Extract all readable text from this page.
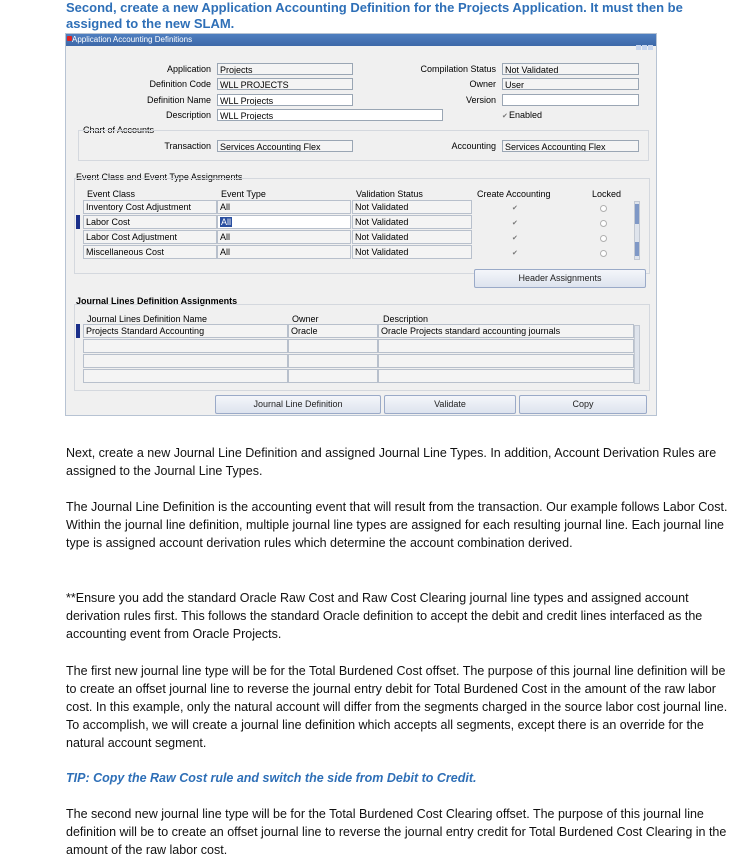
Second, create a new Application Accounting Definition for the Projects Application. It must then be
assigned to the new SLAM.
Application Accounting Definitions
Application	Projects
Definition Code	WLL PROJECTS
Definition Name	WLL Projects
Description	WLL Projects
Compilation Status	Not Validated
Owner	User
Version
✔ Enabled
Chart of Accounts
Transaction	Services Accounting Flex	Accounting	Services Accounting Flex
Event Class and Event Type Assignments
Event Class	Event Type	Validation Status	Create Accounting	Locked
Inventory Cost Adjustment	All	Not Validated	✔
Labor Cost	All	Not Validated	✔
Labor Cost Adjustment	All	Not Validated	✔
Miscellaneous Cost	All	Not Validated	✔
Header Assignments
Journal Lines Definition Assignments
Journal Lines Definition Name	Owner	Description
Projects Standard Accounting	Oracle	Oracle Projects standard accounting journals
Journal Line Definition	Validate	Copy
Next, create a new Journal Line Definition and assigned Journal Line Types. In addition, Account Derivation Rules are assigned to the Journal Line Types.
The Journal Line Definition is the accounting event that will result from the transaction. Our example follows Labor Cost. Within the journal line definition, multiple journal line types are assigned for each resulting journal line. Each journal line type is assigned account derivation rules which determine the account combination derived.
**Ensure you add the standard Oracle Raw Cost and Raw Cost Clearing journal line types and assigned account derivation rules first. This follows the standard Oracle definition to accept the debit and credit lines interfaced as the accounting event from Oracle Projects.
The first new journal line type will be for the Total Burdened Cost offset. The purpose of this journal line definition will be to create an offset journal line to reverse the journal entry debit for Total Burdened Cost in the amount of the raw labor cost. In this example, only the natural account will differ from the segments charged in the source labor cost journal line. To accomplish, we will create a journal line definition which accepts all segments, except there is an override for the natural account segment.
TIP: Copy the Raw Cost rule and switch the side from Debit to Credit.
The second new journal line type will be for the Total Burdened Cost Clearing offset. The purpose of this journal line definition will be to create an offset journal line to reverse the journal entry credit for Total Burdened Cost Clearing in the amount of the raw labor cost.
